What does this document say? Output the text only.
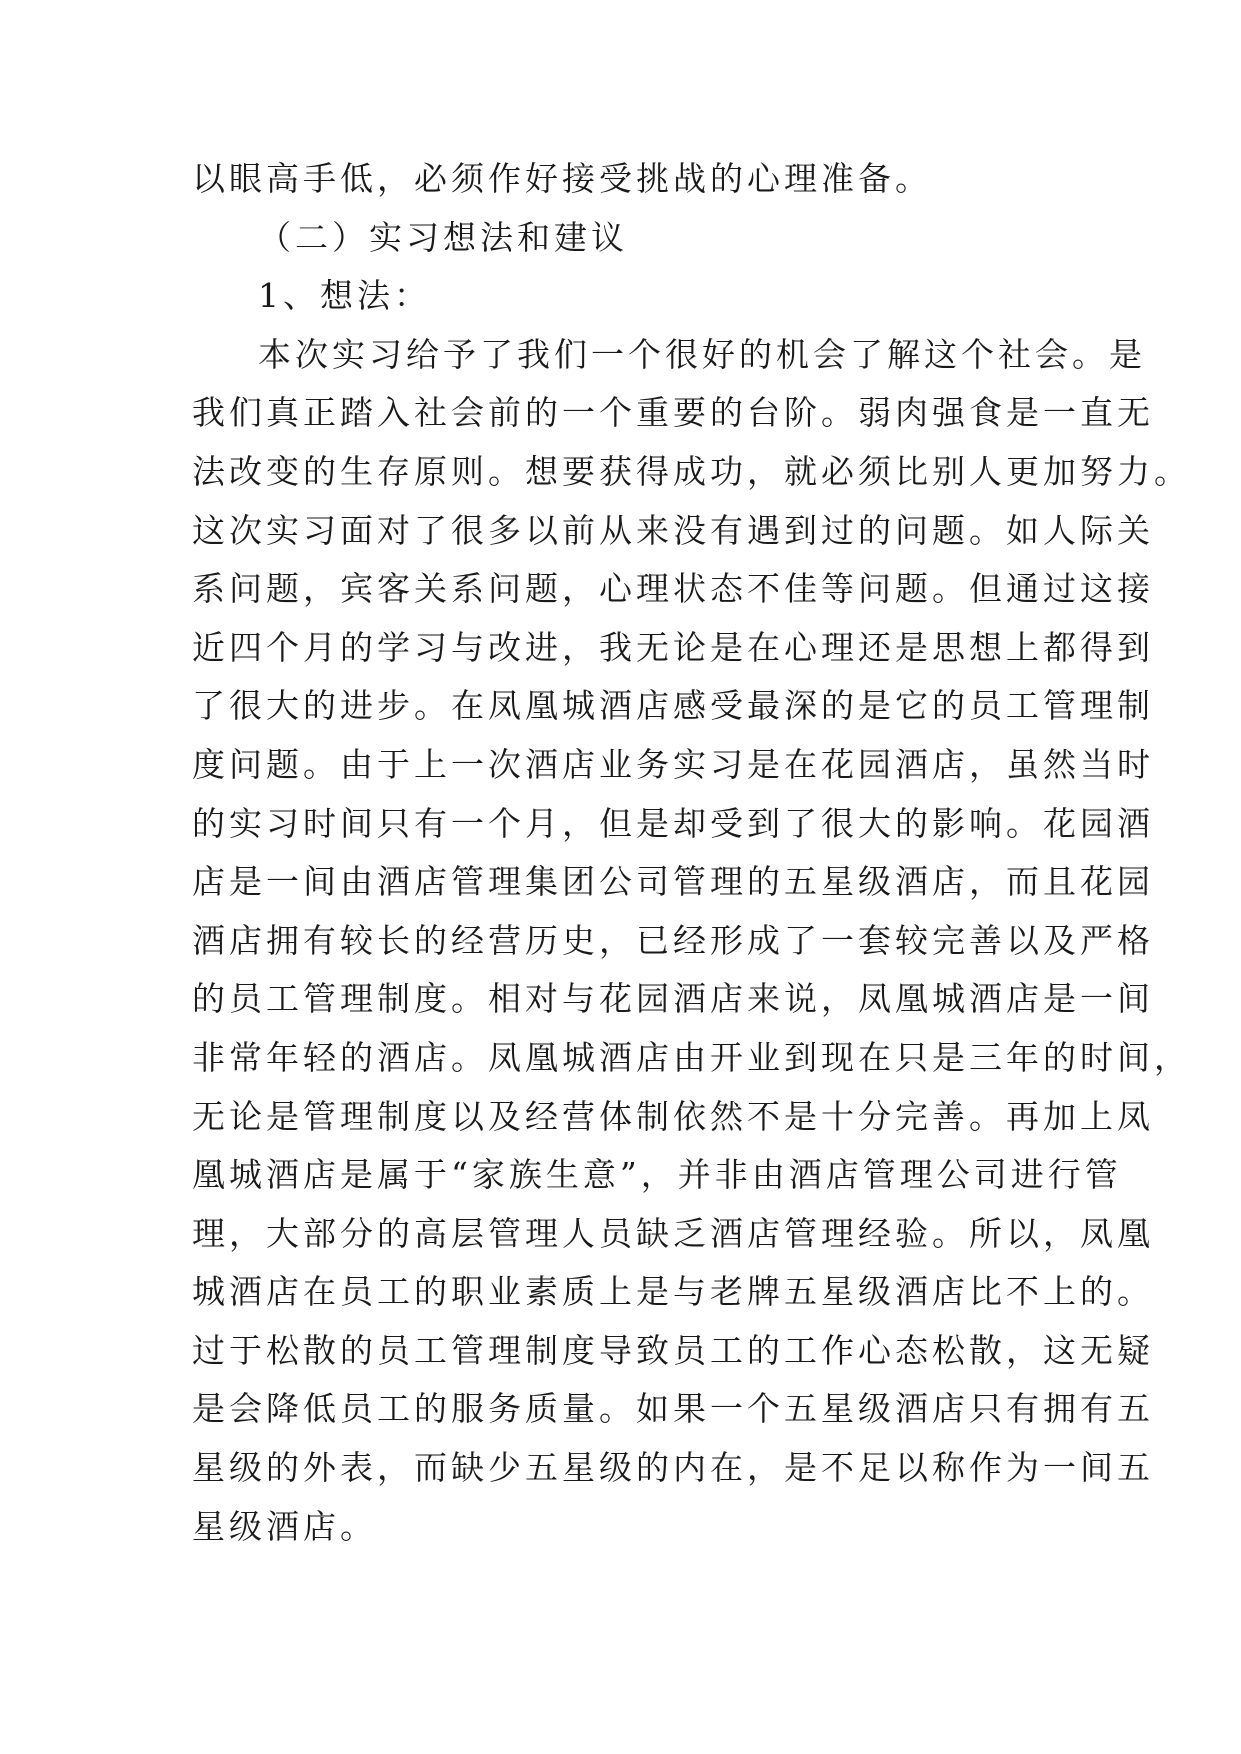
以眼高手低，必须作好接受挑战的心理准备。
（二）实习想法和建议
1、想法：
本次实习给予了我们一个很好的机会了解这个社会。是
我们真正踏入社会前的一个重要的台阶。弱肉强食是一直无
法改变的生存原则。想要获得成功，就必须比别人更加努力。
这次实习面对了很多以前从来没有遇到过的问题。如人际关
系问题，宾客关系问题，心理状态不佳等问题。但通过这接
近四个月的学习与改进，我无论是在心理还是思想上都得到
了很大的进步。在凤凰城酒店感受最深的是它的员工管理制
度问题。由于上一次酒店业务实习是在花园酒店，虽然当时
的实习时间只有一个月，但是却受到了很大的影响。花园酒
店是一间由酒店管理集团公司管理的五星级酒店，而且花园
酒店拥有较长的经营历史，已经形成了一套较完善以及严格
的员工管理制度。相对与花园酒店来说，凤凰城酒店是一间
非常年轻的酒店。凤凰城酒店由开业到现在只是三年的时间，
无论是管理制度以及经营体制依然不是十分完善。再加上凤
凰城酒店是属于“家族生意”，并非由酒店管理公司进行管
理，大部分的高层管理人员缺乏酒店管理经验。所以，凤凰
城酒店在员工的职业素质上是与老牌五星级酒店比不上的。
过于松散的员工管理制度导致员工的工作心态松散，这无疑
是会降低员工的服务质量。如果一个五星级酒店只有拥有五
星级的外表，而缺少五星级的内在，是不足以称作为一间五
星级酒店。
